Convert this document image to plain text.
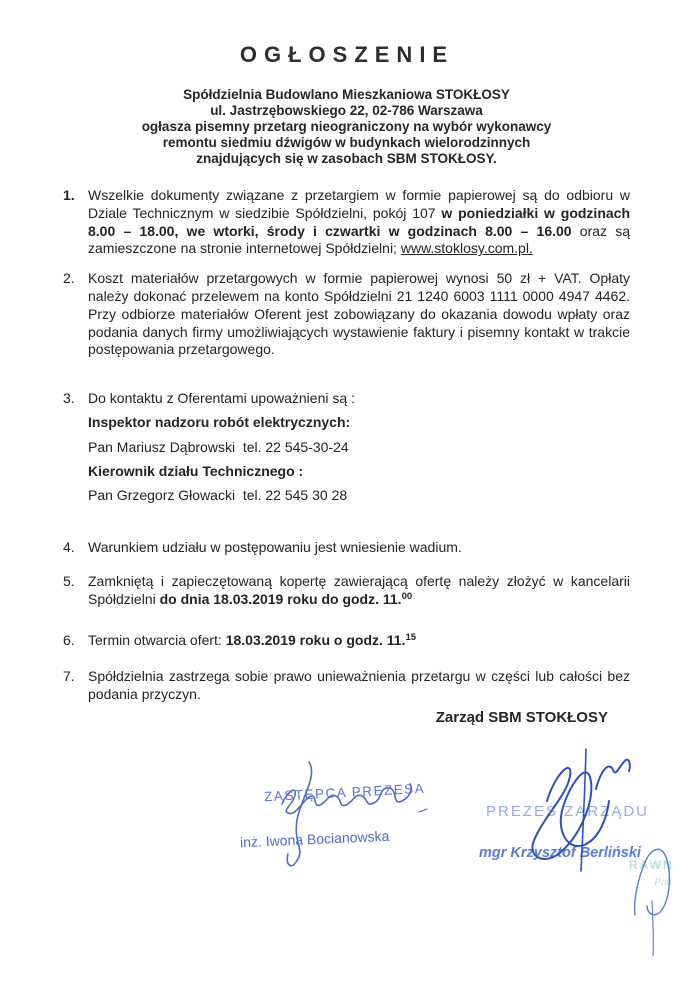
OGŁOSZENIE
Spółdzielnia Budowlano Mieszkaniowa STOKŁOSY
ul. Jastrzębowskiego 22, 02-786 Warszawa
ogłasza pisemny przetarg nieograniczony na wybór wykonawcy
remontu siedmiu dźwigów w budynkach wielorodzinnych
znajdujących się w zasobach SBM STOKŁOSY.
1. Wszelkie dokumenty związane z przetargiem w formie papierowej są do odbioru w Dziale Technicznym w siedzibie Spółdzielni, pokój 107 w poniedziałki w godzinach 8.00 – 18.00, we wtorki, środy i czwartki w godzinach 8.00 – 16.00 oraz są zamieszczone na stronie internetowej Spółdzielni; www.stoklosy.com.pl.

2. Koszt materiałów przetargowych w formie papierowej wynosi 50 zł + VAT. Opłaty należy dokonać przelewem na konto Spółdzielni 21 1240 6003 1111 0000 4947 4462. Przy odbiorze materiałów Oferent jest zobowiązany do okazania dowodu wpłaty oraz podania danych firmy umożliwiających wystawienie faktury i pisemny kontakt w trakcie postępowania przetargowego.

3. Do kontaktu z Oferentami upoważnieni są :

Inspektor nadzoru robót elektrycznych:

Pan Mariusz Dąbrowski  tel. 22 545-30-24

Kierownik działu Technicznego :

Pan Grzegorz Głowacki  tel. 22 545 30 28

4. Warunkiem udziału w postępowaniu jest wniesienie wadium.

5. Zamkniętą i zapieczętowaną kopertę zawierającą ofertę należy złożyć w kancelarii Spółdzielni do dnia 18.03.2019 roku do godz. 11.00

6. Termin otwarcia ofert: 18.03.2019 roku o godz. 11.15

7. Spółdzielnia zastrzega sobie prawo unieważnienia przetargu w części lub całości bez podania przyczyn.

Zarząd SBM STOKŁOSY
ZASTĘPCA PREZESA
inż. Iwona Bocianowska
PREZES ZARZĄDU
mgr Krzysztof Berliński
RAWN
Pob
